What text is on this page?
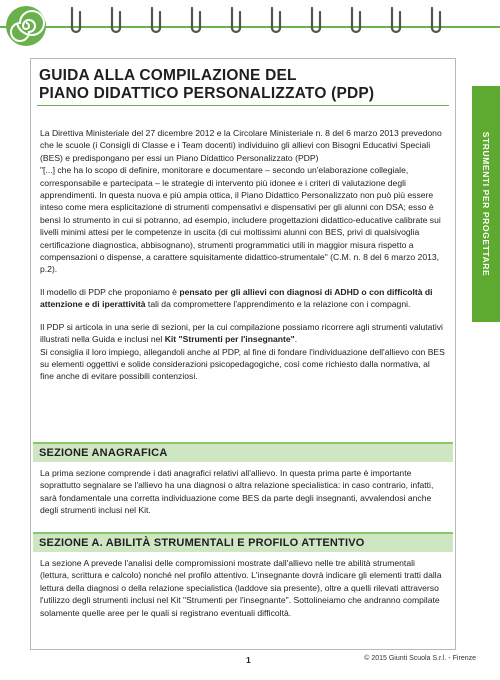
GUIDA ALLA COMPILAZIONE DEL
PIANO DIDATTICO PERSONALIZZATO (PDP)

La Direttiva Ministeriale del 27 dicembre 2012 e la Circolare Ministeriale n. 8 del 6 marzo 2013 prevedono che le scuole (i Consigli di Classe e i Team docenti) individuino gli allievi con Bisogni Educativi Speciali (BES) e predispongano per essi un Piano Didattico Personalizzato (PDP)

"[...] che ha lo scopo di definire, monitorare e documentare – secondo un'elaborazione collegiale, corresponsabile e partecipata – le strategie di intervento più idonee e i criteri di valutazione degli apprendimenti. In questa nuova e più ampia ottica, il Piano Didattico Personalizzato non può più essere inteso come mera esplicitazione di strumenti compensativi e dispensativi per gli alunni con DSA; esso è bensì lo strumento in cui si potranno, ad esempio, includere progettazioni didattico-educative calibrate sui livelli minimi attesi per le competenze in uscita (di cui moltissimi alunni con BES, privi di qualsivoglia certificazione diagnostica, abbisognano), strumenti programmatici utili in maggior misura rispetto a compensazioni o dispense, a carattere squisitamente didattico-strumentale" (C.M. n. 8 del 6 marzo 2013, p.2).

Il modello di PDP che proponiamo è pensato per gli allievi con diagnosi di ADHD o con difficoltà di attenzione e di iperattività tali da compromettere l'apprendimento e la relazione con i compagni.

Il PDP si articola in una serie di sezioni, per la cui compilazione possiamo ricorrere agli strumenti valutativi illustrati nella Guida e inclusi nel Kit "Strumenti per l'insegnante".

Si consiglia il loro impiego, allegandoli anche al PDP, al fine di fondare l'individuazione dell'allievo con BES su elementi oggettivi e solide considerazioni psicopedagogiche, così come richiesto dalla normativa, al fine anche di evitare possibili contenziosi.

SEZIONE ANAGRAFICA

La prima sezione comprende i dati anagrafici relativi all'allievo. In questa prima parte è importante soprattutto segnalare se l'allievo ha una diagnosi o altra relazione specialistica: in caso contrario, infatti, sarà fondamentale una corretta individuazione come BES da parte degli insegnanti, avvalendosi anche degli strumenti inclusi nel Kit.

SEZIONE A. ABILITÀ STRUMENTALI E PROFILO ATTENTIVO

La sezione A prevede l'analisi delle compromissioni mostrate dall'allievo nelle tre abilità strumentali (lettura, scrittura e calcolo) nonché nel profilo attentivo. L'insegnante dovrà indicare gli elementi tratti dalla lettura della diagnosi o della relazione specialistica (laddove sia presente), oltre a quelli rilevati attraverso l'utilizzo degli strumenti inclusi nel Kit "Strumenti per l'insegnante". Sottolineiamo che andranno compilate solamente quelle aree per le quali si registrano eventuali difficoltà.

STRUMENTI PER PROGETTARE
1	© 2015 Giunti Scuola S.r.l. - Firenze
